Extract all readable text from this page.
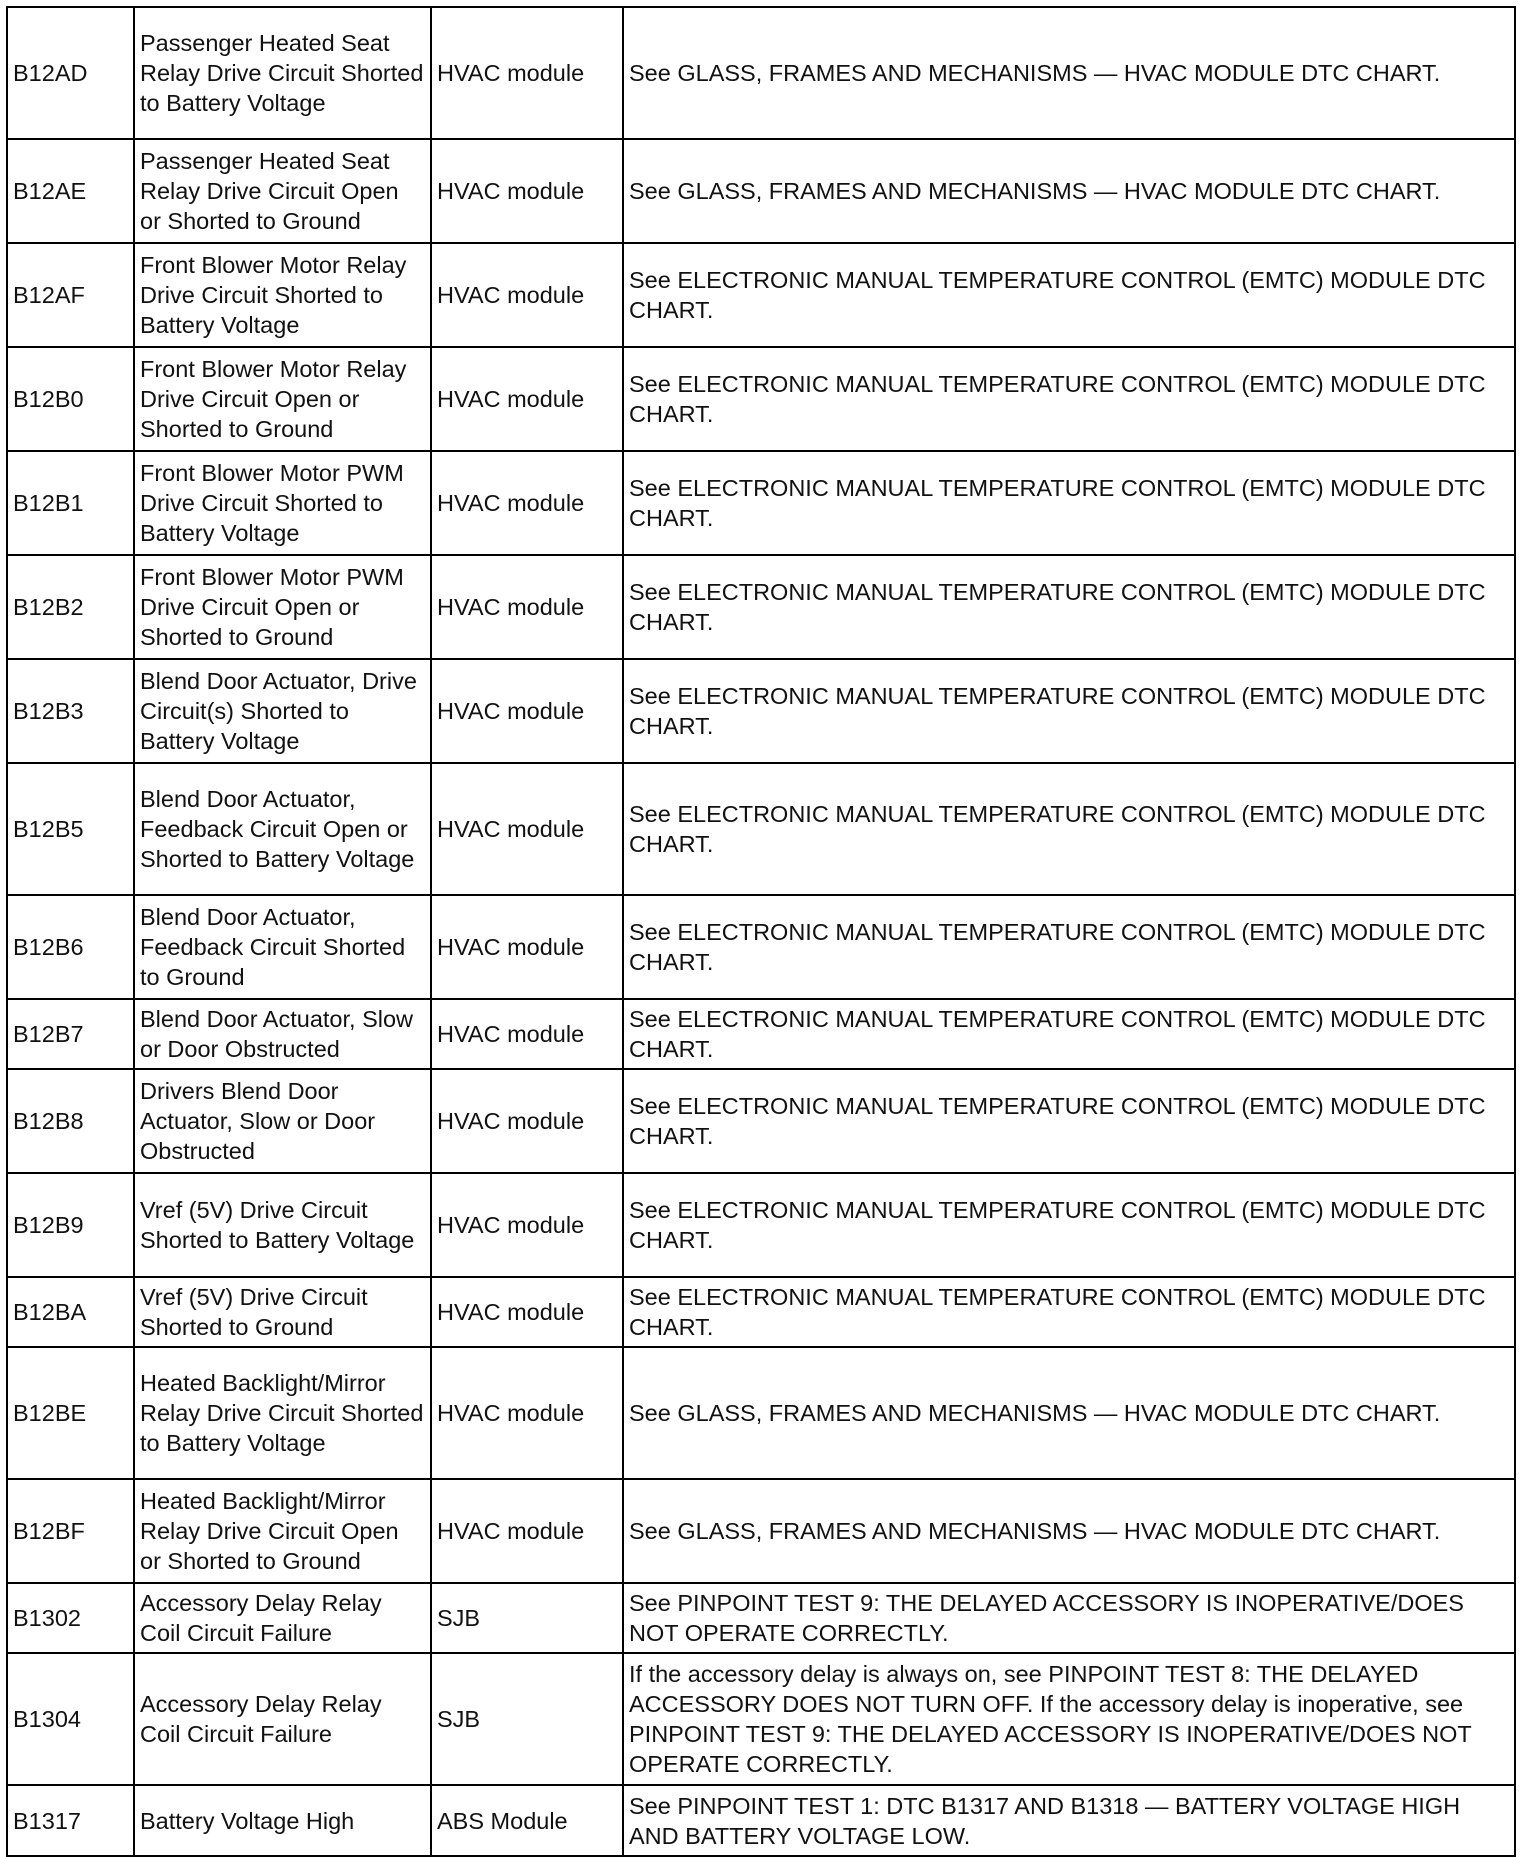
B12AD	Passenger Heated Seat Relay Drive Circuit Shorted to Battery Voltage	HVAC module	See GLASS, FRAMES AND MECHANISMS — HVAC MODULE DTC CHART.
B12AE	Passenger Heated Seat Relay Drive Circuit Open or Shorted to Ground	HVAC module	See GLASS, FRAMES AND MECHANISMS — HVAC MODULE DTC CHART.
B12AF	Front Blower Motor Relay Drive Circuit Shorted to Battery Voltage	HVAC module	See ELECTRONIC MANUAL TEMPERATURE CONTROL (EMTC) MODULE DTC CHART.
B12B0	Front Blower Motor Relay Drive Circuit Open or Shorted to Ground	HVAC module	See ELECTRONIC MANUAL TEMPERATURE CONTROL (EMTC) MODULE DTC CHART.
B12B1	Front Blower Motor PWM Drive Circuit Shorted to Battery Voltage	HVAC module	See ELECTRONIC MANUAL TEMPERATURE CONTROL (EMTC) MODULE DTC CHART.
B12B2	Front Blower Motor PWM Drive Circuit Open or Shorted to Ground	HVAC module	See ELECTRONIC MANUAL TEMPERATURE CONTROL (EMTC) MODULE DTC CHART.
B12B3	Blend Door Actuator, Drive Circuit(s) Shorted to Battery Voltage	HVAC module	See ELECTRONIC MANUAL TEMPERATURE CONTROL (EMTC) MODULE DTC CHART.
B12B5	Blend Door Actuator, Feedback Circuit Open or Shorted to Battery Voltage	HVAC module	See ELECTRONIC MANUAL TEMPERATURE CONTROL (EMTC) MODULE DTC CHART.
B12B6	Blend Door Actuator, Feedback Circuit Shorted to Ground	HVAC module	See ELECTRONIC MANUAL TEMPERATURE CONTROL (EMTC) MODULE DTC CHART.
B12B7	Blend Door Actuator, Slow or Door Obstructed	HVAC module	See ELECTRONIC MANUAL TEMPERATURE CONTROL (EMTC) MODULE DTC CHART.
B12B8	Drivers Blend Door Actuator, Slow or Door Obstructed	HVAC module	See ELECTRONIC MANUAL TEMPERATURE CONTROL (EMTC) MODULE DTC CHART.
B12B9	Vref (5V) Drive Circuit Shorted to Battery Voltage	HVAC module	See ELECTRONIC MANUAL TEMPERATURE CONTROL (EMTC) MODULE DTC CHART.
B12BA	Vref (5V) Drive Circuit Shorted to Ground	HVAC module	See ELECTRONIC MANUAL TEMPERATURE CONTROL (EMTC) MODULE DTC CHART.
B12BE	Heated Backlight/Mirror Relay Drive Circuit Shorted to Battery Voltage	HVAC module	See GLASS, FRAMES AND MECHANISMS — HVAC MODULE DTC CHART.
B12BF	Heated Backlight/Mirror Relay Drive Circuit Open or Shorted to Ground	HVAC module	See GLASS, FRAMES AND MECHANISMS — HVAC MODULE DTC CHART.
B1302	Accessory Delay Relay Coil Circuit Failure	SJB	See PINPOINT TEST 9: THE DELAYED ACCESSORY IS INOPERATIVE/DOES NOT OPERATE CORRECTLY.
B1304	Accessory Delay Relay Coil Circuit Failure	SJB	If the accessory delay is always on, see PINPOINT TEST 8: THE DELAYED ACCESSORY DOES NOT TURN OFF. If the accessory delay is inoperative, see PINPOINT TEST 9: THE DELAYED ACCESSORY IS INOPERATIVE/DOES NOT OPERATE CORRECTLY.
B1317	Battery Voltage High	ABS Module	See PINPOINT TEST 1: DTC B1317 AND B1318 — BATTERY VOLTAGE HIGH AND BATTERY VOLTAGE LOW.
